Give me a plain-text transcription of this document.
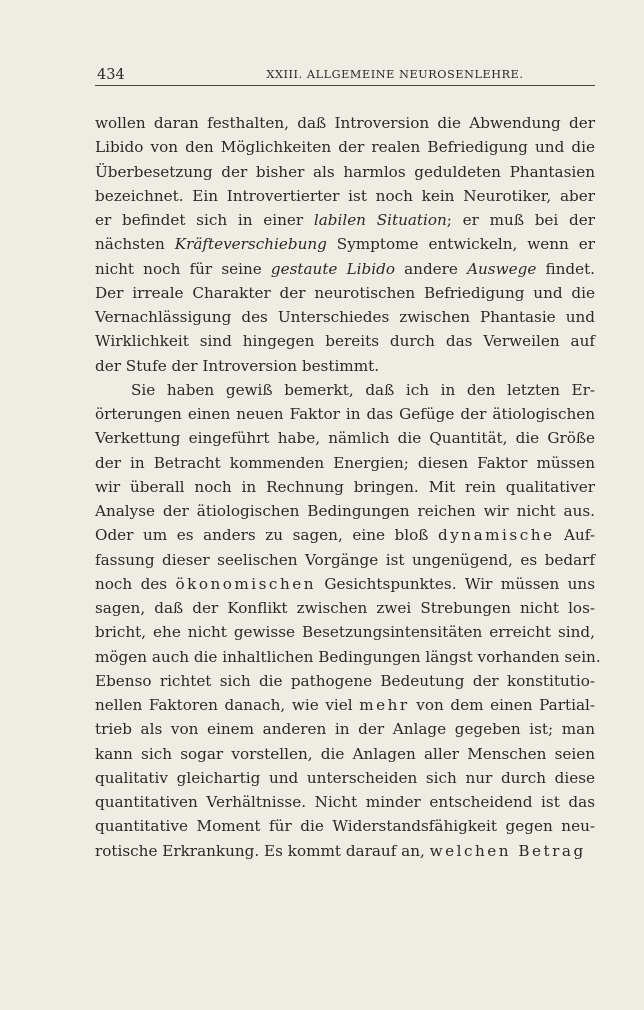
434	XXIII. ALLGEMEINE NEUROSENLEHRE.
wollen daran festhalten, daß Introversion die Abwendung der
Libido von den Möglichkeiten der realen Befriedigung und die
Überbesetzung der bisher als harmlos geduldeten Phantasien
bezeichnet. Ein Introvertierter ist noch kein Neurotiker, aber
er befindet sich in einer labilen Situation; er muß bei der
nächsten Kräfteverschiebung Symptome entwickeln, wenn er
nicht noch für seine gestaute Libido andere Auswege findet.
Der irreale Charakter der neurotischen Befriedigung und die
Vernachlässigung des Unterschiedes zwischen Phantasie und
Wirklichkeit sind hingegen bereits durch das Verweilen auf
der Stufe der Introversion bestimmt.
Sie haben gewiß bemerkt, daß ich in den letzten Er-
örterungen einen neuen Faktor in das Gefüge der ätiologischen
Verkettung eingeführt habe, nämlich die Quantität, die Größe
der in Betracht kommenden Energien; diesen Faktor müssen
wir überall noch in Rechnung bringen. Mit rein qualitativer
Analyse der ätiologischen Bedingungen reichen wir nicht aus.
Oder um es anders zu sagen, eine bloß dynamische Auf-
fassung dieser seelischen Vorgänge ist ungenügend, es bedarf
noch des ökonomischen Gesichtspunktes. Wir müssen uns
sagen, daß der Konflikt zwischen zwei Strebungen nicht los-
bricht, ehe nicht gewisse Besetzungsintensitäten erreicht sind,
mögen auch die inhaltlichen Bedingungen längst vorhanden sein.
Ebenso richtet sich die pathogene Bedeutung der konstitutio-
nellen Faktoren danach, wie viel mehr von dem einen Partial-
trieb als von einem anderen in der Anlage gegeben ist; man
kann sich sogar vorstellen, die Anlagen aller Menschen seien
qualitativ gleichartig und unterscheiden sich nur durch diese
quantitativen Verhältnisse. Nicht minder entscheidend ist das
quantitative Moment für die Widerstandsfähigkeit gegen neu-
rotische Erkrankung. Es kommt darauf an, welchen Betrag
